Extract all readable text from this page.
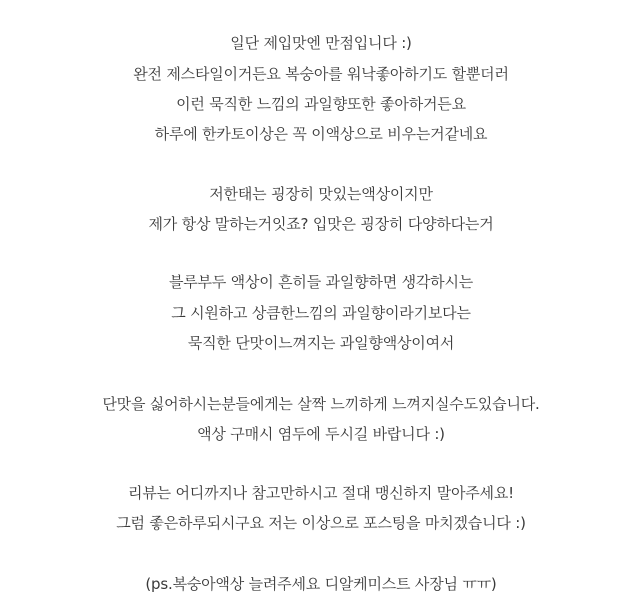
일단 제입맛엔 만점입니다 :)
완전 제스타일이거든요 복숭아를 워낙좋아하기도 할뿐더러
이런 묵직한 느낌의 과일향또한 좋아하거든요
하루에 한카토이상은 꼭 이액상으로 비우는거같네요
저한태는 굉장히 맛있는액상이지만
제가 항상 말하는거잇죠? 입맛은 굉장히 다양하다는거
블루부두 액상이 흔히들 과일향하면 생각하시는
그 시원하고 상큼한느낌의 과일향이라기보다는
묵직한 단맛이느껴지는 과일향액상이여서
단맛을 싫어하시는분들에게는 살짝 느끼하게 느껴지실수도있습니다.
액상 구매시 염두에 두시길 바랍니다 :)
리뷰는 어디까지나 참고만하시고 절대 맹신하지 말아주세요!
그럼 좋은하루되시구요 저는 이상으로 포스팅을 마치겠습니다 :)
(ps.복숭아액상 늘려주세요 디알케미스트 사장님 ㅠㅠ)
